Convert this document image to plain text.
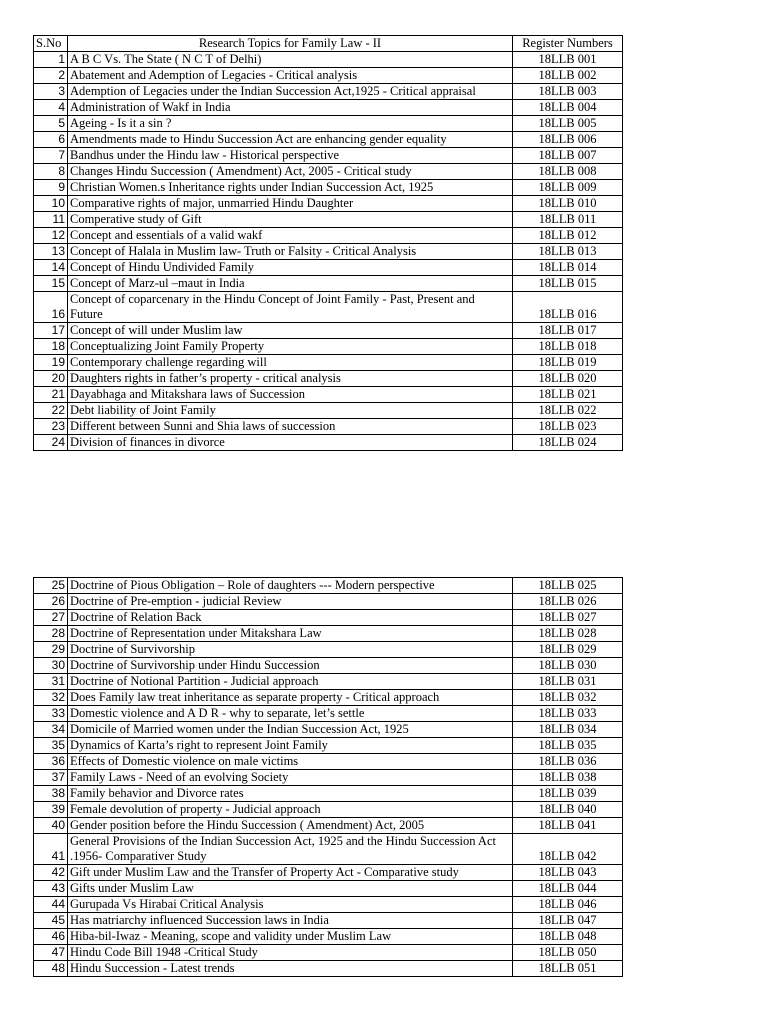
S.No	Research Topics for Family Law - II	Register Numbers
1	A B C Vs. The State ( N C T of Delhi)	18LLB 001
2	Abatement and Ademption of Legacies - Critical analysis	18LLB 002
3	Ademption of Legacies under the Indian Succession Act,1925 - Critical appraisal	18LLB 003
4	Administration of Wakf in India	18LLB 004
5	Ageing - Is it a sin ?	18LLB 005
6	Amendments made to Hindu Succession Act are enhancing gender equality	18LLB 006
7	Bandhus under the Hindu law - Historical perspective	18LLB 007
8	Changes Hindu Succession ( Amendment) Act, 2005 - Critical study	18LLB 008
9	Christian Women.s Inheritance rights under Indian Succession Act, 1925	18LLB 009
10	Comparative rights of major, unmarried Hindu Daughter	18LLB 010
11	Comperative study of Gift	18LLB 011
12	Concept and essentials of a valid wakf	18LLB 012
13	Concept of Halala in Muslim law- Truth or Falsity - Critical Analysis	18LLB 013
14	Concept of Hindu Undivided Family	18LLB 014
15	Concept of Marz-ul –maut in India	18LLB 015
16	Concept of coparcenary in the Hindu Concept of Joint Family - Past, Present and Future	18LLB 016
17	Concept of will under Muslim law	18LLB 017
18	Conceptualizing Joint Family Property	18LLB 018
19	Contemporary challenge regarding will	18LLB 019
20	Daughters rights in father’s property - critical analysis	18LLB 020
21	Dayabhaga and Mitakshara laws of Succession	18LLB 021
22	Debt liability of Joint Family	18LLB 022
23	Different between Sunni and Shia laws of succession	18LLB 023
24	Division of finances in divorce	18LLB 024
25	Doctrine of Pious Obligation – Role of daughters --- Modern perspective	18LLB 025
26	Doctrine of Pre-emption - judicial Review	18LLB 026
27	Doctrine of Relation Back	18LLB 027
28	Doctrine of Representation under Mitakshara Law	18LLB 028
29	Doctrine of Survivorship	18LLB 029
30	Doctrine of Survivorship under Hindu Succession	18LLB 030
31	Doctrine of Notional Partition - Judicial approach	18LLB 031
32	Does Family law treat inheritance as separate property - Critical approach	18LLB 032
33	Domestic violence and A D R - why to separate, let’s settle	18LLB 033
34	Domicile of Married women under the Indian Succession Act, 1925	18LLB 034
35	Dynamics of Karta’s right to represent Joint Family	18LLB 035
36	Effects of Domestic violence on male victims	18LLB 036
37	Family Laws - Need of an evolving Society	18LLB 038
38	Family behavior and Divorce rates	18LLB 039
39	Female devolution of property - Judicial approach	18LLB 040
40	Gender position before the Hindu Succession ( Amendment) Act, 2005	18LLB 041
41	General Provisions of the Indian Succession Act, 1925 and the Hindu Succession Act .1956- Comparativer Study	18LLB 042
42	Gift under Muslim Law and the Transfer of Property Act - Comparative study	18LLB 043
43	Gifts under Muslim Law	18LLB 044
44	Gurupada Vs Hirabai Critical Analysis	18LLB 046
45	Has matriarchy influenced Succession laws in India	18LLB 047
46	Hiba-bil-Iwaz - Meaning, scope and validity under Muslim Law	18LLB 048
47	Hindu Code Bill 1948 -Critical Study	18LLB 050
48	Hindu Succession - Latest trends	18LLB 051
